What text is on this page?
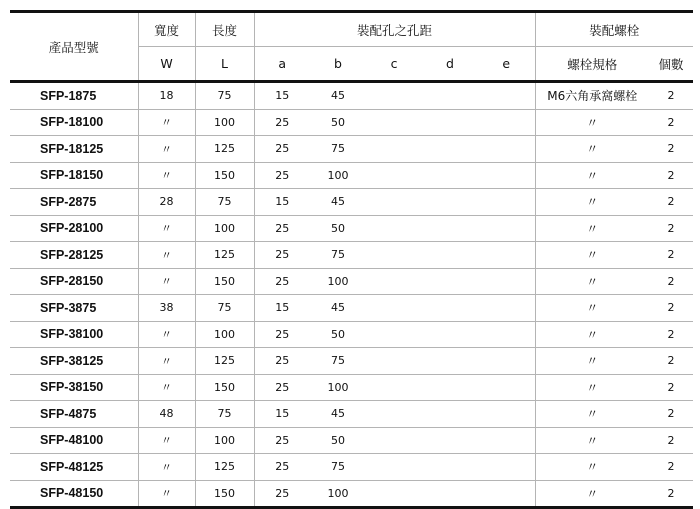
產品型號	寬度	長度	裝配孔之孔距					裝配螺栓	
	W	L	a	b	c	d	e	螺栓規格	個數
SFP-1875	18	75	15	45				M6六角承窩螺栓	2
SFP-18100	〃	100	25	50				〃	2
SFP-18125	〃	125	25	75				〃	2
SFP-18150	〃	150	25	100				〃	2
SFP-2875	28	75	15	45				〃	2
SFP-28100	〃	100	25	50				〃	2
SFP-28125	〃	125	25	75				〃	2
SFP-28150	〃	150	25	100				〃	2
SFP-3875	38	75	15	45				〃	2
SFP-38100	〃	100	25	50				〃	2
SFP-38125	〃	125	25	75				〃	2
SFP-38150	〃	150	25	100				〃	2
SFP-4875	48	75	15	45				〃	2
SFP-48100	〃	100	25	50				〃	2
SFP-48125	〃	125	25	75				〃	2
SFP-48150	〃	150	25	100				〃	2
